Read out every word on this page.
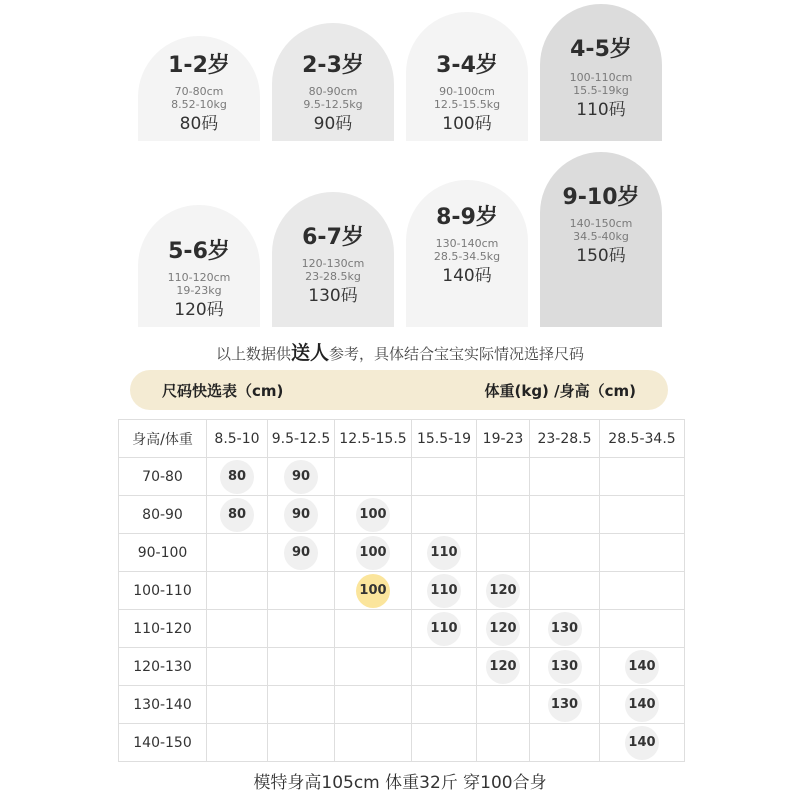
1-2岁
70-80cm
8.52-10kg
80码
2-3岁
80-90cm
9.5-12.5kg
90码
3-4岁
90-100cm
12.5-15.5kg
100码
4-5岁
100-110cm
15.5-19kg
110码
5-6岁
110-120cm
19-23kg
120码
6-7岁
120-130cm
23-28.5kg
130码
8-9岁
130-140cm
28.5-34.5kg
140码
9-10岁
140-150cm
34.5-40kg
150码
以上数据供送人参考，具体结合宝宝实际情况选择尺码
尺码快选表（cm)	体重(kg) /身高（cm)
身高/体重	8.5-10	9.5-12.5	12.5-15.5	15.5-19	19-23	23-28.5	28.5-34.5
70-80	80	90					
80-90	80	90	100				
90-100		90	100	110			
100-110			100	110	120		
110-120				110	120	130	
120-130					120	130	140
130-140						130	140
140-150							140
模特身高105cm 体重32斤 穿100合身
